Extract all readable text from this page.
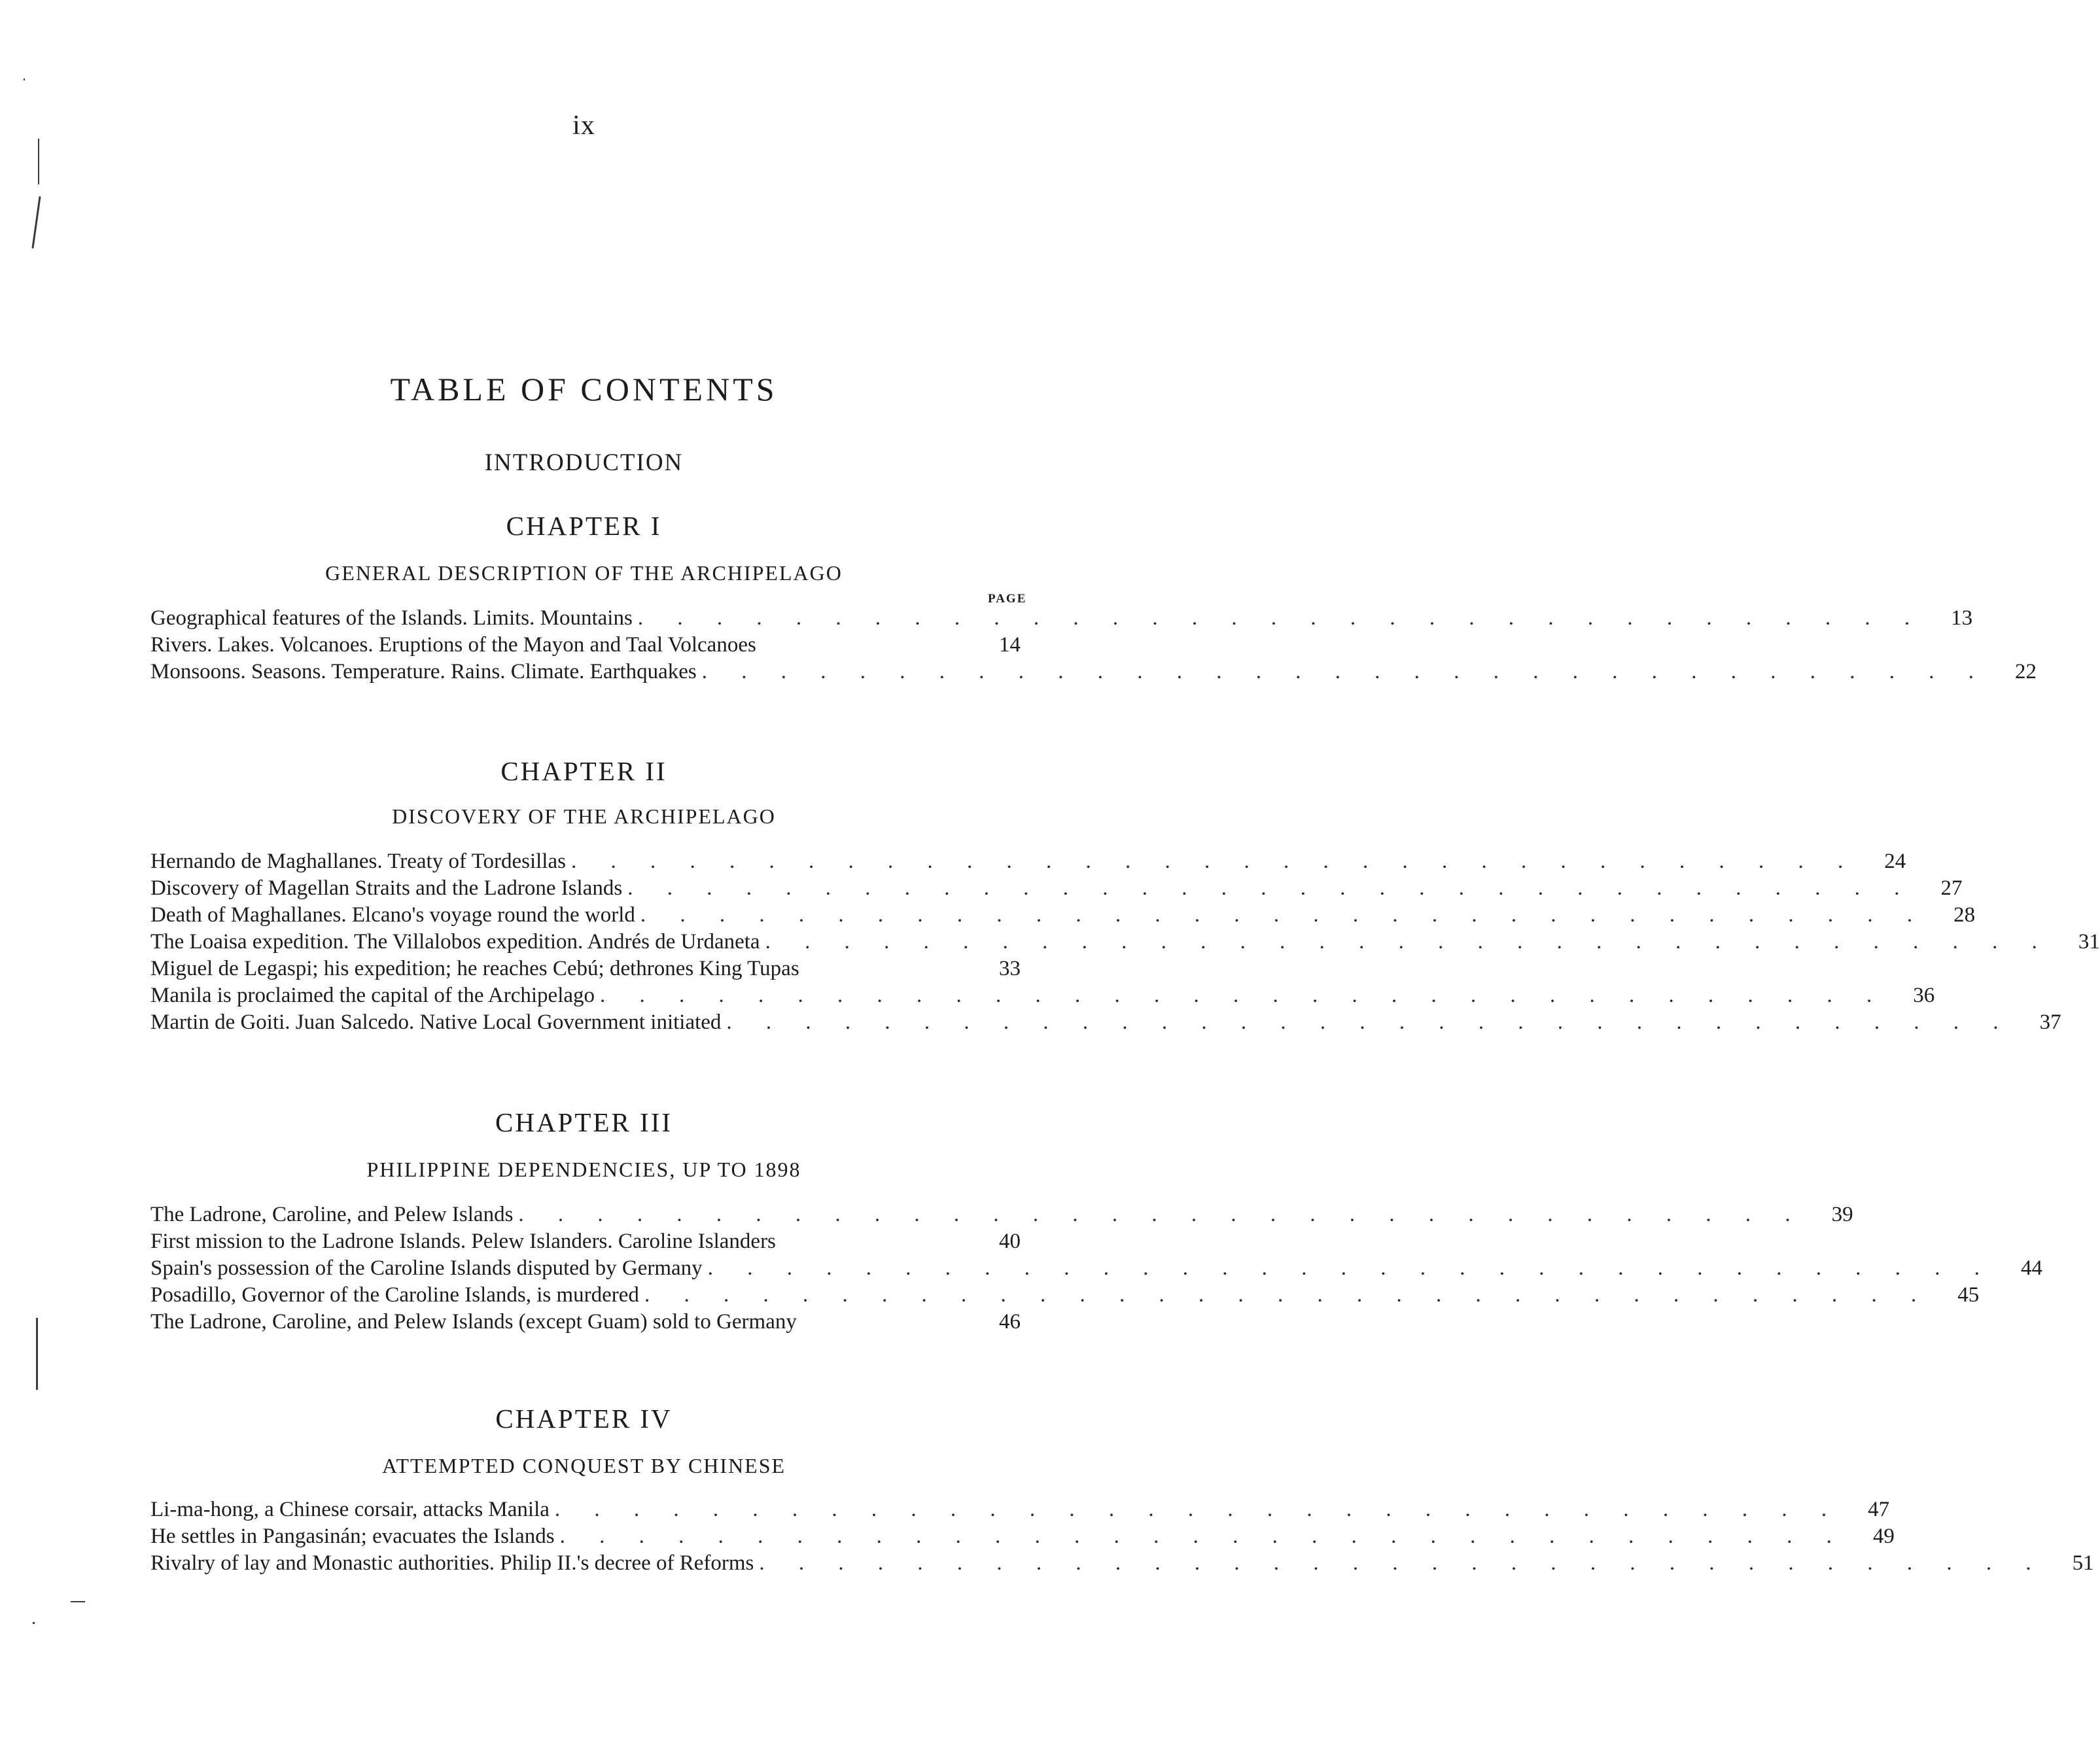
ix
TABLE OF CONTENTS
INTRODUCTION
CHAPTER I
GENERAL DESCRIPTION OF THE ARCHIPELAGO
PAGE
Geographical features of the Islands. Limits. Mountains . . . . . . . . . . . . . . . . . . . . . . . . . . . . . . . . .	13
Rivers. Lakes. Volcanoes. Eruptions of the Mayon and Taal Volcanoes	14
Monsoons. Seasons. Temperature. Rains. Climate. Earthquakes . . . . . . . . . . . . . . . . . . . . . . . . . . . . . . . . .	22
CHAPTER II
DISCOVERY OF THE ARCHIPELAGO
Hernando de Maghallanes. Treaty of Tordesillas . . . . . . . . . . . . . . . . . . . . . . . . . . . . . . . . .	24
Discovery of Magellan Straits and the Ladrone Islands . . . . . . . . . . . . . . . . . . . . . . . . . . . . . . . . .	27
Death of Maghallanes. Elcano's voyage round the world . . . . . . . . . . . . . . . . . . . . . . . . . . . . . . . . .	28
The Loaisa expedition. The Villalobos expedition. Andrés de Urdaneta . . . . . . . . . . . . . . . . . . . . . . . . . . . . . . . . .	31
Miguel de Legaspi; his expedition; he reaches Cebú; dethrones King Tupas	33
Manila is proclaimed the capital of the Archipelago . . . . . . . . . . . . . . . . . . . . . . . . . . . . . . . . .	36
Martin de Goiti. Juan Salcedo. Native Local Government initiated . . . . . . . . . . . . . . . . . . . . . . . . . . . . . . . . .	37
CHAPTER III
PHILIPPINE DEPENDENCIES, UP TO 1898
The Ladrone, Caroline, and Pelew Islands . . . . . . . . . . . . . . . . . . . . . . . . . . . . . . . . .	39
First mission to the Ladrone Islands. Pelew Islanders. Caroline Islanders	40
Spain's possession of the Caroline Islands disputed by Germany . . . . . . . . . . . . . . . . . . . . . . . . . . . . . . . . .	44
Posadillo, Governor of the Caroline Islands, is murdered . . . . . . . . . . . . . . . . . . . . . . . . . . . . . . . . .	45
The Ladrone, Caroline, and Pelew Islands (except Guam) sold to Germany	46
CHAPTER IV
ATTEMPTED CONQUEST BY CHINESE
Li-ma-hong, a Chinese corsair, attacks Manila . . . . . . . . . . . . . . . . . . . . . . . . . . . . . . . . .	47
He settles in Pangasinán; evacuates the Islands . . . . . . . . . . . . . . . . . . . . . . . . . . . . . . . . .	49
Rivalry of lay and Monastic authorities. Philip II.'s decree of Reforms . . . . . . . . . . . . . . . . . . . . . . . . . . . . . . . . .	51
